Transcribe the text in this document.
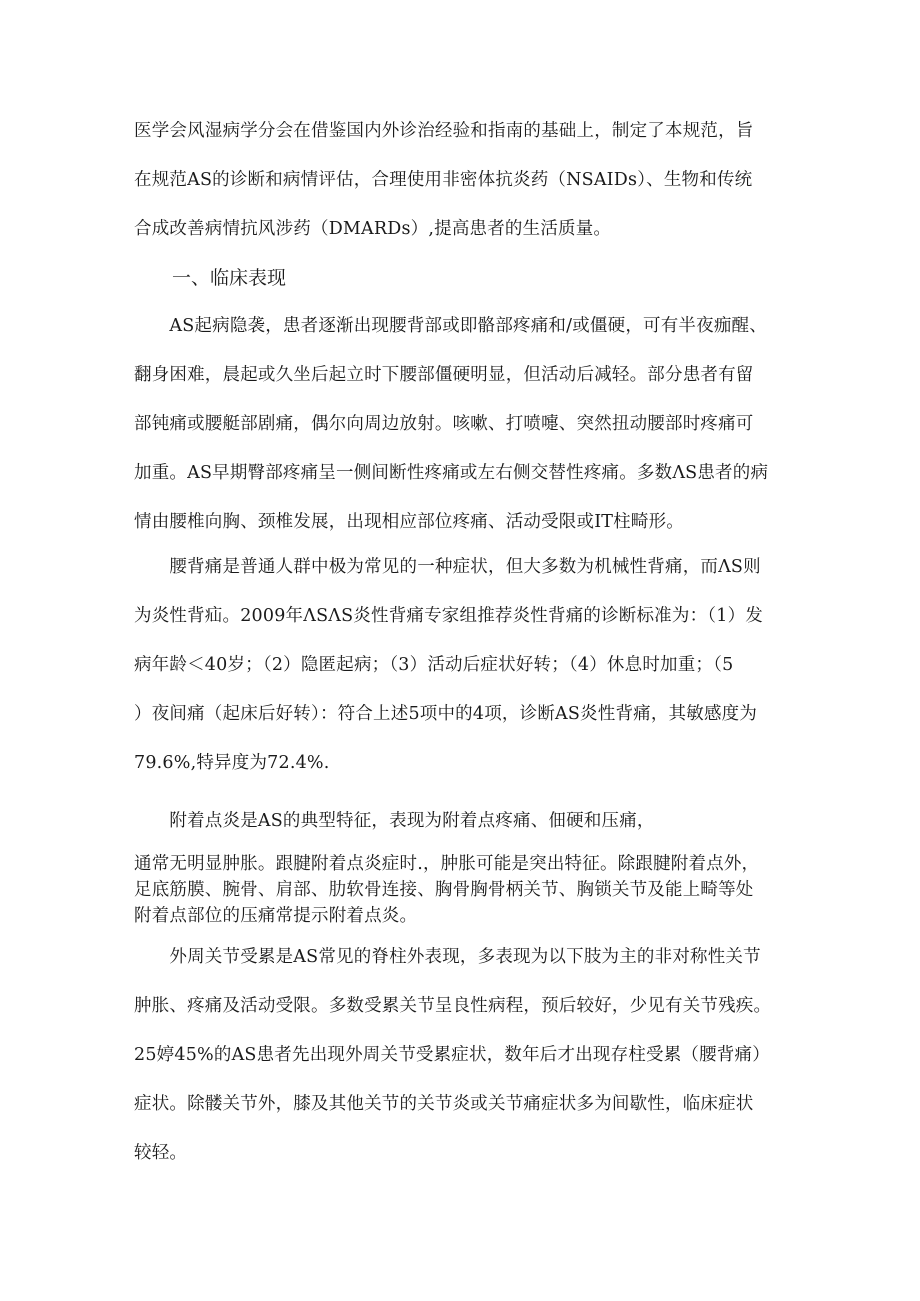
医学会风湿病学分会在借鉴国内外诊治经验和指南的基础上，制定了本规范，旨
在规范AS的诊断和病情评估，合理使用非密体抗炎药（NSAIDs）、生物和传统
合成改善病情抗风涉药（DMARDs）,提高患者的生活质量。
一、临床表现
　　AS起病隐袭，患者逐渐出现腰背部或即骼部疼痛和/或僵硬，可有半夜痂醒、
翻身困难，晨起或久坐后起立时下腰部僵硬明显，但活动后减轻。部分患者有留
部钝痛或腰艇部剧痛，偶尔向周边放射。咳嗽、打喷嚏、突然扭动腰部时疼痛可
加重。AS早期臀部疼痛呈一侧间断性疼痛或左右侧交替性疼痛。多数ΛS患者的病
情由腰椎向胸、颈椎发展，出现相应部位疼痛、活动受限或IT柱畸形。
　　腰背痛是普通人群中极为常见的一种症状，但大多数为机械性背痛，而ΛS则
为炎性背疝。2009年ΛSΛS炎性背痛专家组推荐炎性背痛的诊断标准为：（1）发
病年龄＜40岁；（2）隐匿起病；（3）活动后症状好转；（4）休息时加重；（5
）夜间痛（起床后好转）：符合上述5项中的4项，诊断AS炎性背痛，其敏感度为
79.6%,特异度为72.4%.
　　附着点炎是AS的典型特征，表现为附着点疼痛、佃硬和压痛，
通常无明显肿胀。跟腱附着点炎症时.，肿胀可能是突出特征。除跟腱附着点外，
足底筋膜、腕骨、肩部、肋软骨连接、胸骨胸骨柄关节、胸锁关节及能上畸等处
附着点部位的压痛常提示附着点炎。
　　外周关节受累是AS常见的脊柱外表现，多表现为以下肢为主的非对称性关节
肿胀、疼痛及活动受限。多数受累关节呈良性病程，预后较好，少见有关节残疾。
25婷45%的AS患者先出现外周关节受累症状，数年后才出现存柱受累（腰背痛）
症状。除髅关节外，膝及其他关节的关节炎或关节痛症状多为间歇性，临床症状
较轻。
